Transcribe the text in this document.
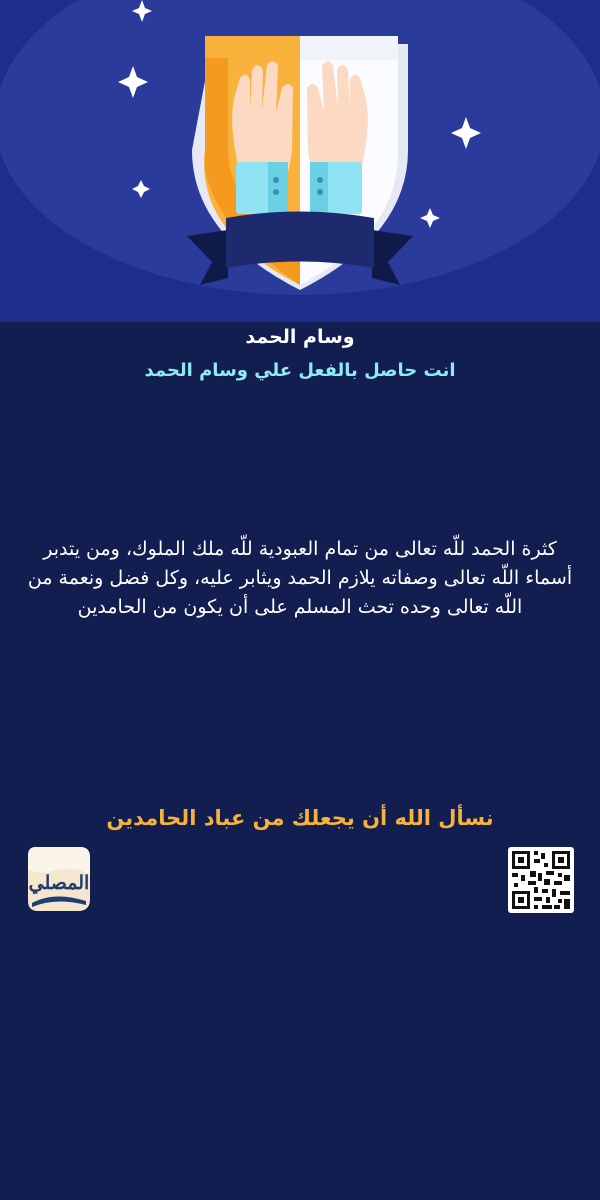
وسام الحمد
انت حاصل بالفعل علي وسام الحمد

كثرة الحمد للّه تعالى من تمام العبودية للّه ملك الملوك، ومن يتدبر أسماء اللّه تعالى وصفاته يلازم الحمد ويثابر عليه، وكل فضل ونعمة من اللّه تعالى وحده تحث المسلم على أن يكون من الحامدين

نسأل الله أن يجعلك من عباد الحامدين

المصلي
